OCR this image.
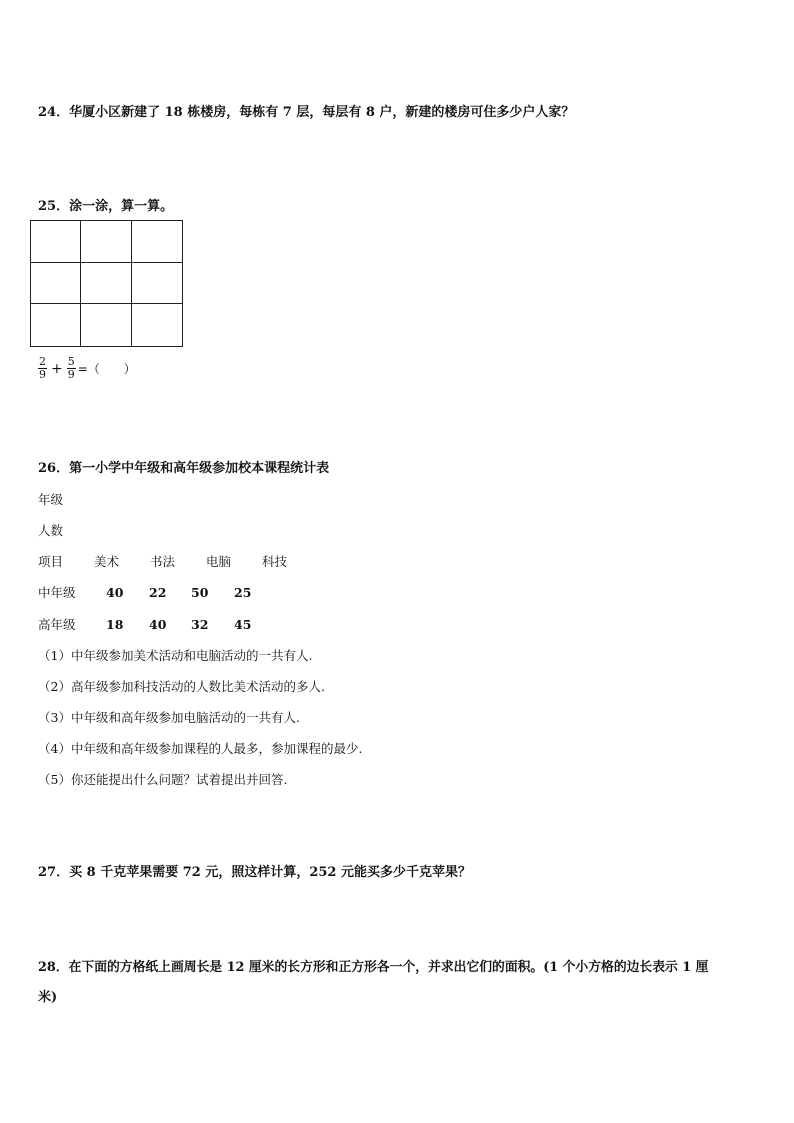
24．华厦小区新建了 18 栋楼房，每栋有 7 层，每层有 8 户，新建的楼房可住多少户人家？
25．涂一涂，算一算。
$\frac{2}{9} + \frac{5}{9}$ =（　　）
26．第一小学中年级和高年级参加校本课程统计表
年级
人数
项目 美术 书法 电脑 科技
中年级 40 22 50 25
高年级 18 40 32 45
（1）中年级参加美术活动和电脑活动的一共有人.
（2）高年级参加科技活动的人数比美术活动的多人.
（3）中年级和高年级参加电脑活动的一共有人.
（4）中年级和高年级参加课程的人最多，参加课程的最少.
（5）你还能提出什么问题？试着提出并回答.
27．买 8 千克苹果需要 72 元，照这样计算，252 元能买多少千克苹果？
28．在下面的方格纸上画周长是 12 厘米的长方形和正方形各一个，并求出它们的面积。(1 个小方格的边长表示 1 厘
米)
